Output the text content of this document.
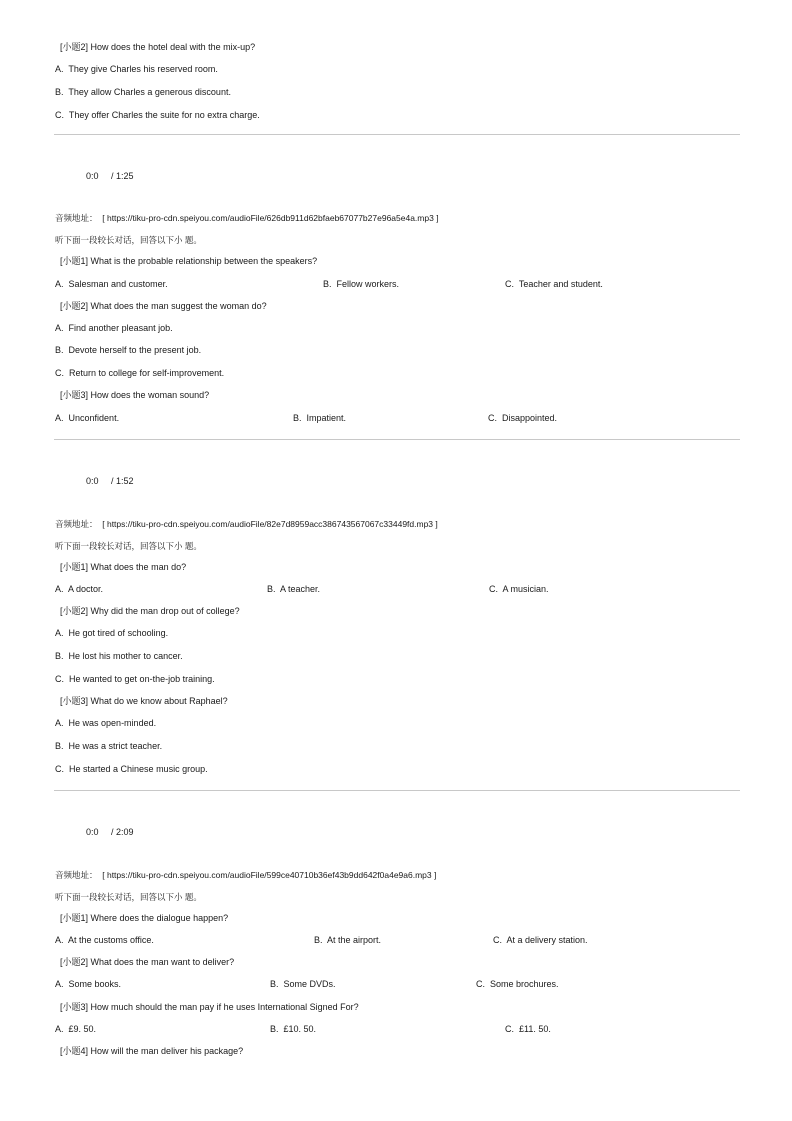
[小题2] How does the hotel deal with the mix-up?
A. They give Charles his reserved room.
B. They allow Charles a generous discount.
C. They offer Charles the suite for no extra charge.
0:0 / 1:25
音频地址： [ https://tiku-pro-cdn.speiyou.com/audioFile/626db911d62bfaeb67077b27e96a5e4a.mp3 ]
听下面一段较长对话，回答以下小 题。
[小题1] What is the probable relationship between the speakers?
A. Salesman and customer.	B. Fellow workers.	C. Teacher and student.
[小题2] What does the man suggest the woman do?
A. Find another pleasant job.
B. Devote herself to the present job.
C. Return to college for self-improvement.
[小题3] How does the woman sound?
A. Unconfident.	B. Impatient.	C. Disappointed.
0:0 / 1:52
音频地址： [ https://tiku-pro-cdn.speiyou.com/audioFile/82e7d8959acc386743567067c33449fd.mp3 ]
听下面一段较长对话，回答以下小 题。
[小题1] What does the man do?
A. A doctor.	B. A teacher.	C. A musician.
[小题2] Why did the man drop out of college?
A. He got tired of schooling.
B. He lost his mother to cancer.
C. He wanted to get on-the-job training.
[小题3] What do we know about Raphael?
A. He was open-minded.
B. He was a strict teacher.
C. He started a Chinese music group.
0:0 / 2:09
音频地址： [ https://tiku-pro-cdn.speiyou.com/audioFile/599ce40710b36ef43b9dd642f0a4e9a6.mp3 ]
听下面一段较长对话，回答以下小 题。
[小题1] Where does the dialogue happen?
A. At the customs office.	B. At the airport.	C. At a delivery station.
[小题2] What does the man want to deliver?
A. Some books.	B. Some DVDs.	C. Some brochures.
[小题3] How much should the man pay if he uses International Signed For?
A. £9. 50.	B. £10. 50.	C. £11. 50.
[小题4] How will the man deliver his package?
